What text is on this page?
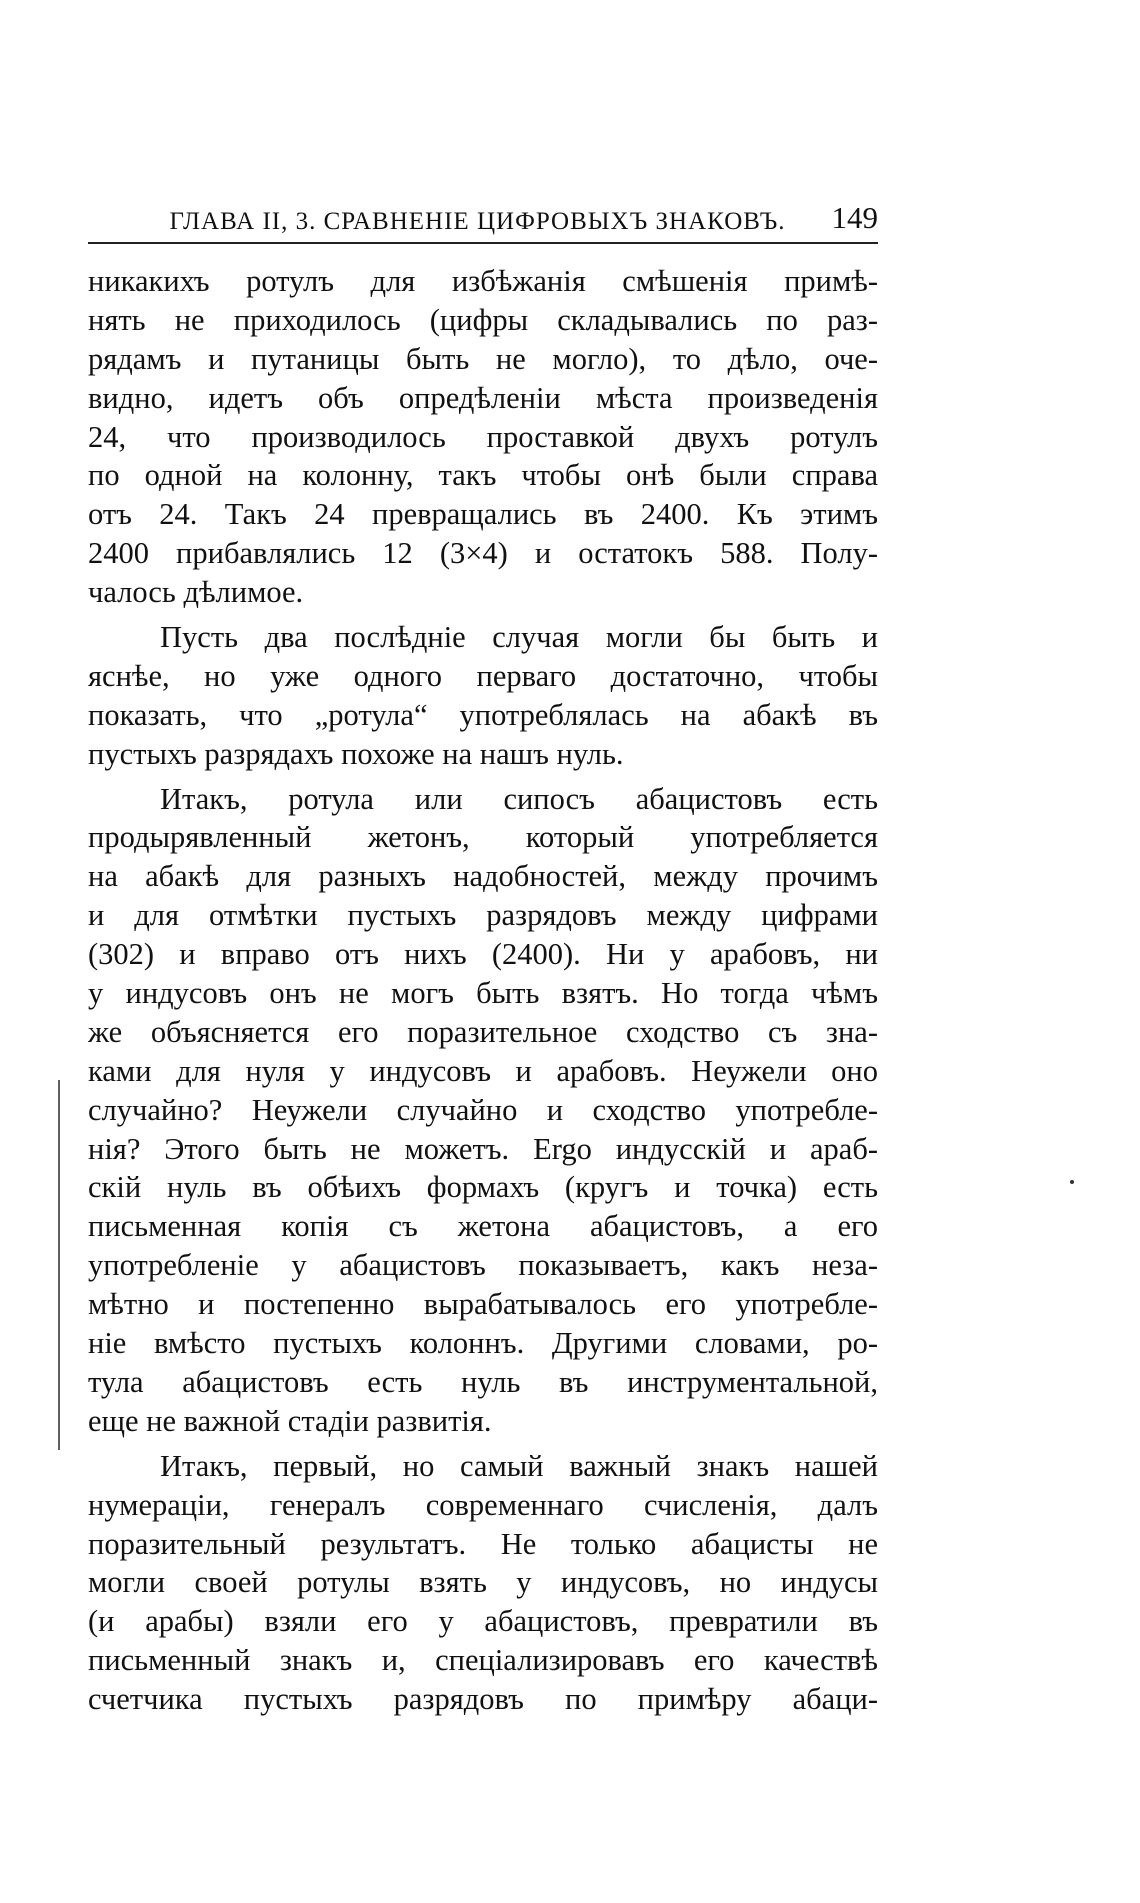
ГЛАВА II, 3. СРАВНЕНIЕ ЦИФРОВЫХЪ ЗНАКОВЪ. 149
никакихъ ротулъ для избѣжанія смѣшенія примѣ-
нять не приходилось (цифры складывались по раз-
рядамъ и путаницы быть не могло), то дѣло, оче-
видно, идетъ объ опредѣленіи мѣста произведенія
24, что производилось проставкой двухъ ротулъ
по одной на колонну, такъ чтобы онѣ были справа
отъ 24. Такъ 24 превращались въ 2400. Къ этимъ
2400 прибавлялись 12 (3×4) и остатокъ 588. Полу-
чалось дѣлимое.
Пусть два послѣдніе случая могли бы быть и
яснѣе, но уже одного перваго достаточно, чтобы
показать, что „ротула“ употреблялась на абакѣ въ
пустыхъ разрядахъ похоже на нашъ нуль.
Итакъ, ротула или сипосъ абацистовъ есть
продырявленный жетонъ, который употребляется
на абакѣ для разныхъ надобностей, между прочимъ
и для отмѣтки пустыхъ разрядовъ между цифрами
(302) и вправо отъ нихъ (2400). Ни у арабовъ, ни
у индусовъ онъ не могъ быть взятъ. Но тогда чѣмъ
же объясняется его поразительное сходство съ зна-
ками для нуля у индусовъ и арабовъ. Неужели оно
случайно? Неужели случайно и сходство употребле-
нія? Этого быть не можетъ. Ergo индусскій и араб-
скій нуль въ обѣихъ формахъ (кругъ и точка) есть
письменная копія съ жетона абацистовъ, а его
употребленіе у абацистовъ показываетъ, какъ неза-
мѣтно и постепенно вырабатывалось его употребле-
ніе вмѣсто пустыхъ колоннъ. Другими словами, ро-
тула абацистовъ есть нуль въ инструментальной,
еще не важной стадіи развитія.
Итакъ, первый, но самый важный знакъ нашей
нумераціи, генералъ современнаго счисленія, далъ
поразительный результатъ. Не только абацисты не
могли своей ротулы взять у индусовъ, но индусы
(и арабы) взяли его у абацистовъ, превратили въ
письменный знакъ и, спеціализировавъ его качествѣ
счетчика пустыхъ разрядовъ по примѣру абаци-
